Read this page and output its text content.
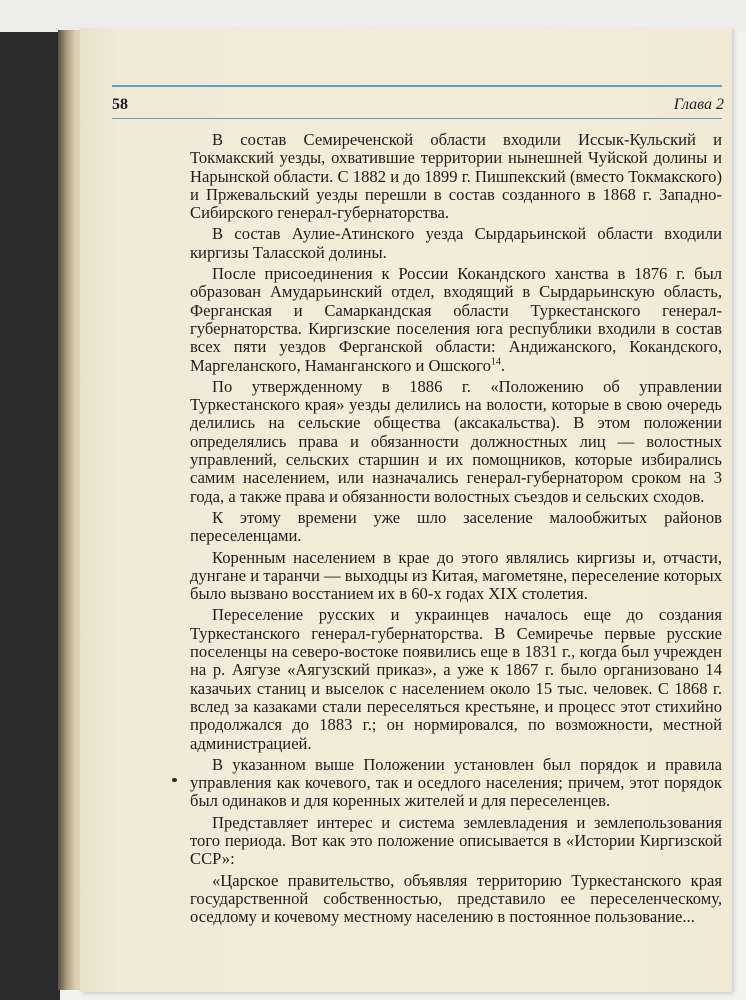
58	Глава 2

В состав Семиреченской области входили Иссык-Кульский и Токмакский уезды, охватившие территории нынешней Чуйской долины и Нарынской области. С 1882 и до 1899 г. Пишпекский (вместо Токмакского) и Пржевальский уезды перешли в состав созданного в 1868 г. Западно-Сибирского генерал-губернаторства.

В состав Аулие-Атинского уезда Сырдарьинской области входили киргизы Таласской долины.

После присоединения к России Кокандского ханства в 1876 г. был образован Амударьинский отдел, входящий в Сырдарьинскую область, Ферганская и Самаркандская области Туркестанского генерал-губернаторства. Киргизские поселения юга республики входили в состав всех пяти уездов Ферганской области: Андижанского, Кокандского, Маргеланского, Наманганского и Ошского$^{14}$.

По утвержденному в 1886 г. «Положению об управлении Туркестанского края» уезды делились на волости, которые в свою очередь делились на сельские общества (аксакальства). В этом положении определялись права и обязанности должностных лиц — волостных управлений, сельских старшин и их помощников, которые избирались самим населением, или назначались генерал-губернатором сроком на 3 года, а также права и обязанности волостных съездов и сельских сходов.

К этому времени уже шло заселение малообжитых районов переселенцами.

Коренным населением в крае до этого являлись киргизы и, отчасти, дунгане и таранчи — выходцы из Китая, магометяне, переселение которых было вызвано восстанием их в 60-х годах XIX столетия.

Переселение русских и украинцев началось еще до создания Туркестанского генерал-губернаторства. В Семиречье первые русские поселенцы на северо-востоке появились еще в 1831 г., когда был учрежден на р. Аягузе «Аягузский приказ», а уже к 1867 г. было организовано 14 казачьих станиц и выселок с населением около 15 тыс. человек. С 1868 г. вслед за казаками стали переселяться крестьяне, и процесс этот стихийно продолжался до 1883 г.; он нормировался, по возможности, местной администрацией.

В указанном выше Положении установлен был порядок и правила управления как кочевого, так и оседлого населения; причем, этот порядок был одинаков и для коренных жителей и для переселенцев.

Представляет интерес и система землевладения и землепользования того периода. Вот как это положение описывается в «Истории Киргизской ССР»:

«Царское правительство, объявляя территорию Туркестанского края государственной собственностью, представило ее переселенческому, оседлому и кочевому местному населению в постоянное пользование...
